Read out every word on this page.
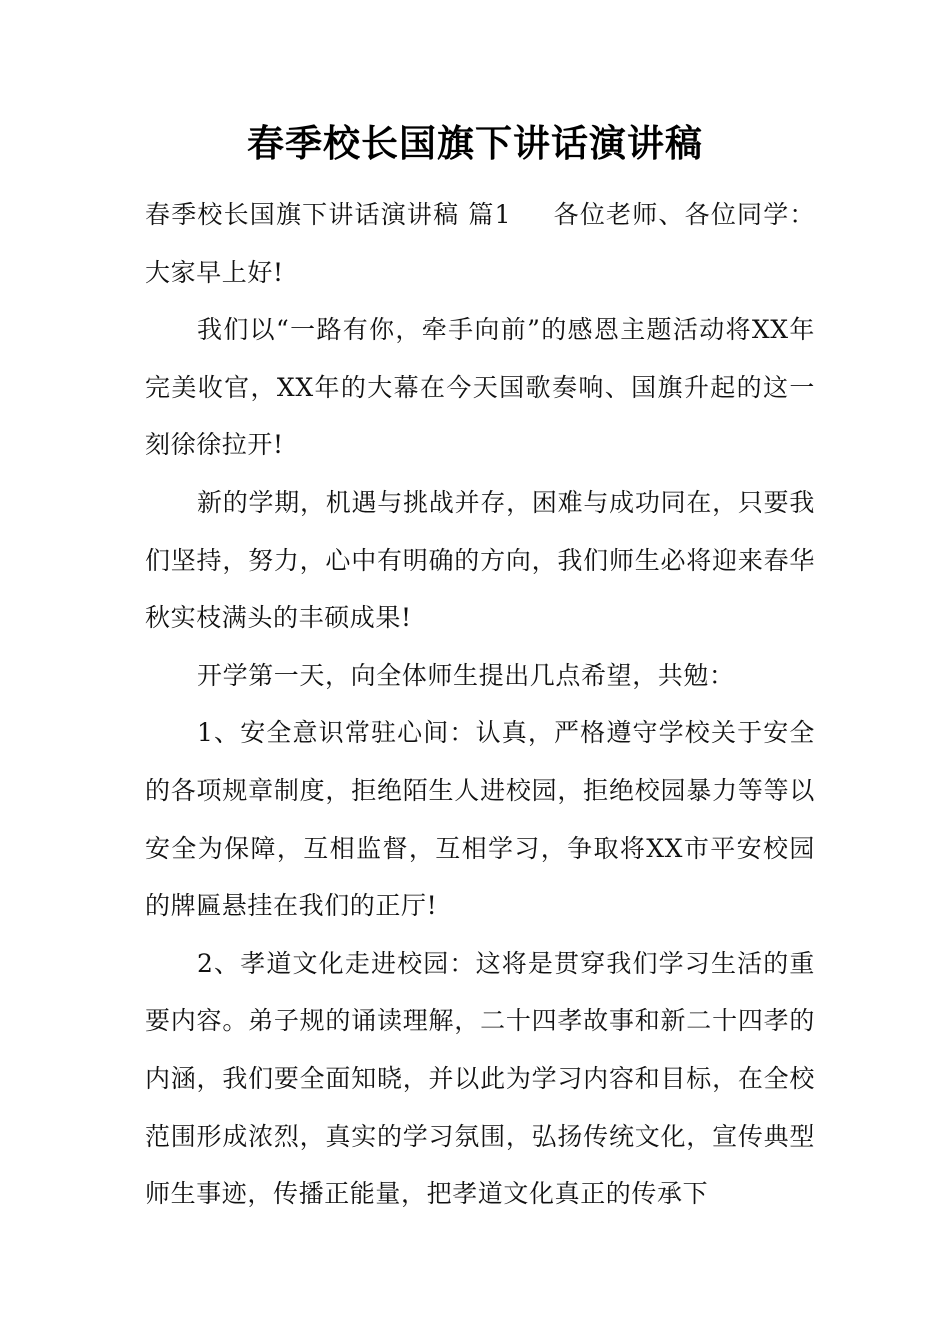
春季校长国旗下讲话演讲稿

春季校长国旗下讲话演讲稿 篇1 各位老师、各位同学：大家早上好!

我们以“一路有你，牵手向前”的感恩主题活动将XX年完美收官，XX年的大幕在今天国歌奏响、国旗升起的这一刻徐徐拉开!

新的学期，机遇与挑战并存，困难与成功同在，只要我们坚持，努力，心中有明确的方向，我们师生必将迎来春华秋实枝满头的丰硕成果!

开学第一天，向全体师生提出几点希望，共勉：

1、安全意识常驻心间：认真，严格遵守学校关于安全的各项规章制度，拒绝陌生人进校园，拒绝校园暴力等等以安全为保障，互相监督，互相学习，争取将XX市平安校园的牌匾悬挂在我们的正厅!

2、孝道文化走进校园：这将是贯穿我们学习生活的重要内容。弟子规的诵读理解，二十四孝故事和新二十四孝的内涵，我们要全面知晓，并以此为学习内容和目标，在全校范围形成浓烈，真实的学习氛围，弘扬传统文化，宣传典型师生事迹，传播正能量，把孝道文化真正的传承下
